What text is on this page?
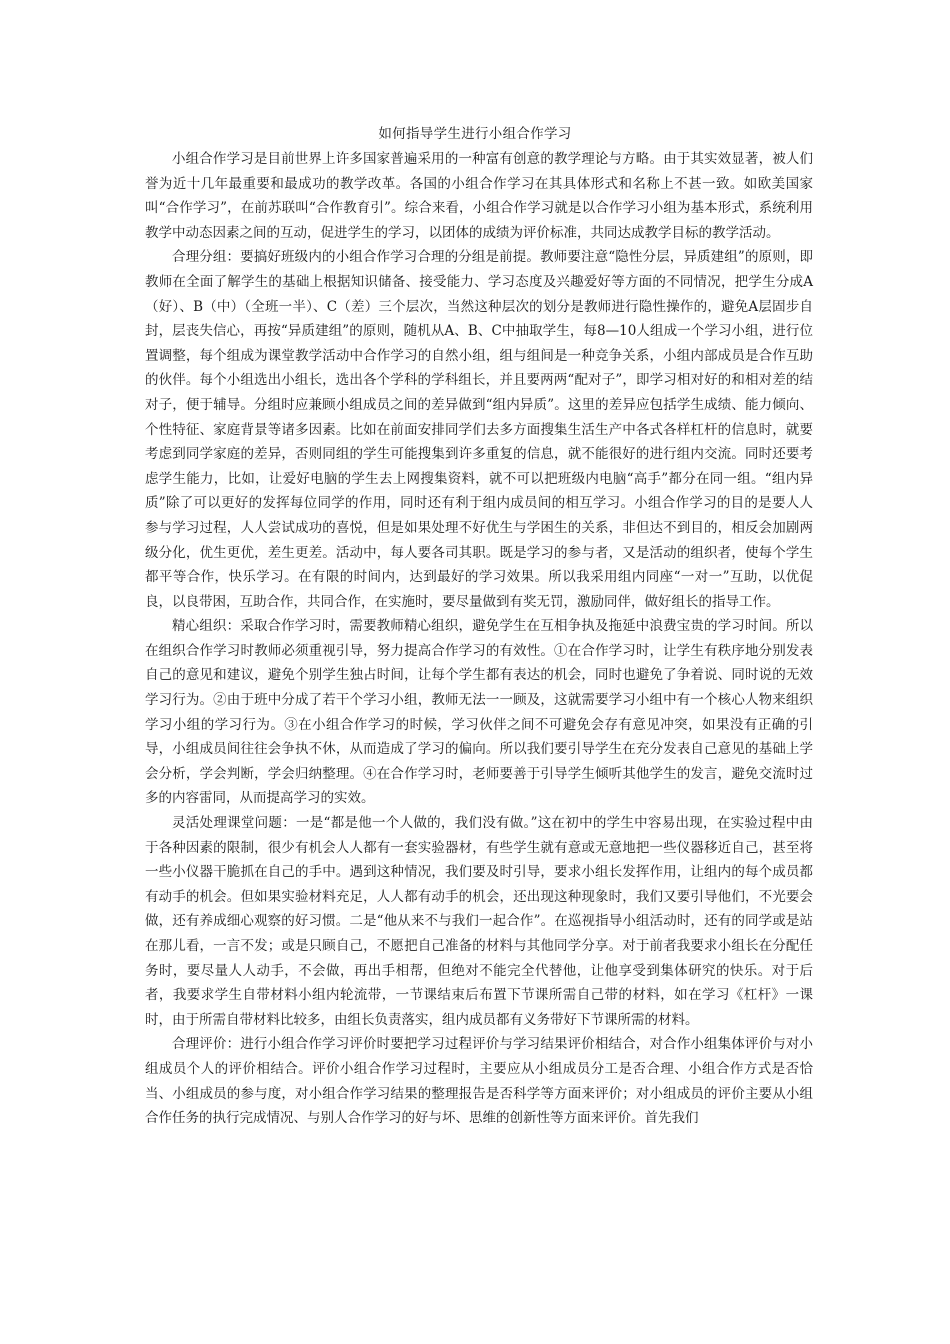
如何指导学生进行小组合作学习

小组合作学习是目前世界上许多国家普遍采用的一种富有创意的教学理论与方略。由于其实效显著，被人们誉为近十几年最重要和最成功的教学改革。各国的小组合作学习在其具体形式和名称上不甚一致。如欧美国家叫“合作学习”，在前苏联叫“合作教育引”。综合来看，小组合作学习就是以合作学习小组为基本形式，系统利用教学中动态因素之间的互动，促进学生的学习，以团体的成绩为评价标准，共同达成教学目标的教学活动。

合理分组：要搞好班级内的小组合作学习合理的分组是前提。教师要注意“隐性分层，异质建组”的原则，即教师在全面了解学生的基础上根据知识储备、接受能力、学习态度及兴趣爱好等方面的不同情况，把学生分成A（好）、B（中）（全班一半）、C（差）三个层次，当然这种层次的划分是教师进行隐性操作的，避免A层固步自封，层丧失信心，再按“异质建组”的原则，随机从A、B、C中抽取学生，每8—10人组成一个学习小组，进行位置调整，每个组成为课堂教学活动中合作学习的自然小组，组与组间是一种竞争关系，小组内部成员是合作互助的伙伴。每个小组选出小组长，选出各个学科的学科组长，并且要两两“配对子”，即学习相对好的和相对差的结对子，便于辅导。分组时应兼顾小组成员之间的差异做到“组内异质”。这里的差异应包括学生成绩、能力倾向、个性特征、家庭背景等诸多因素。比如在前面安排同学们去多方面搜集生活生产中各式各样杠杆的信息时，就要考虑到同学家庭的差异，否则同组的学生可能搜集到许多重复的信息，就不能很好的进行组内交流。同时还要考虑学生能力，比如，让爱好电脑的学生去上网搜集资料，就不可以把班级内电脑“高手”都分在同一组。“组内异质”除了可以更好的发挥每位同学的作用，同时还有利于组内成员间的相互学习。小组合作学习的目的是要人人参与学习过程，人人尝试成功的喜悦，但是如果处理不好优生与学困生的关系，非但达不到目的，相反会加剧两级分化，优生更优，差生更差。活动中，每人要各司其职。既是学习的参与者，又是活动的组织者，使每个学生都平等合作，快乐学习。在有限的时间内，达到最好的学习效果。所以我采用组内同座“一对一”互助，以优促良，以良带困，互助合作，共同合作，在实施时，要尽量做到有奖无罚，激励同伴，做好组长的指导工作。

精心组织：采取合作学习时，需要教师精心组织，避免学生在互相争执及拖延中浪费宝贵的学习时间。所以在组织合作学习时教师必须重视引导，努力提高合作学习的有效性。①在合作学习时，让学生有秩序地分别发表自己的意见和建议，避免个别学生独占时间，让每个学生都有表达的机会，同时也避免了争着说、同时说的无效学习行为。②由于班中分成了若干个学习小组，教师无法一一顾及，这就需要学习小组中有一个核心人物来组织学习小组的学习行为。③在小组合作学习的时候，学习伙伴之间不可避免会存有意见冲突，如果没有正确的引导，小组成员间往往会争执不休，从而造成了学习的偏向。所以我们要引导学生在充分发表自己意见的基础上学会分析，学会判断，学会归纳整理。④在合作学习时，老师要善于引导学生倾听其他学生的发言，避免交流时过多的内容雷同，从而提高学习的实效。

灵活处理课堂问题：一是“都是他一个人做的，我们没有做。”这在初中的学生中容易出现，在实验过程中由于各种因素的限制，很少有机会人人都有一套实验器材，有些学生就有意或无意地把一些仪器移近自己，甚至将一些小仪器干脆抓在自己的手中。遇到这种情况，我们要及时引导，要求小组长发挥作用，让组内的每个成员都有动手的机会。但如果实验材料充足，人人都有动手的机会，还出现这种现象时，我们又要引导他们，不光要会做，还有养成细心观察的好习惯。二是“他从来不与我们一起合作”。在巡视指导小组活动时，还有的同学或是站在那儿看，一言不发；或是只顾自己，不愿把自己准备的材料与其他同学分享。对于前者我要求小组长在分配任务时，要尽量人人动手，不会做，再出手相帮，但绝对不能完全代替他，让他享受到集体研究的快乐。对于后者，我要求学生自带材料小组内轮流带，一节课结束后布置下节课所需自己带的材料，如在学习《杠杆》一课时，由于所需自带材料比较多，由组长负责落实，组内成员都有义务带好下节课所需的材料。

合理评价：进行小组合作学习评价时要把学习过程评价与学习结果评价相结合，对合作小组集体评价与对小组成员个人的评价相结合。评价小组合作学习过程时，主要应从小组成员分工是否合理、小组合作方式是否恰当、小组成员的参与度，对小组合作学习结果的整理报告是否科学等方面来评价；对小组成员的评价主要从小组合作任务的执行完成情况、与别人合作学习的好与坏、思维的创新性等方面来评价。首先我们
